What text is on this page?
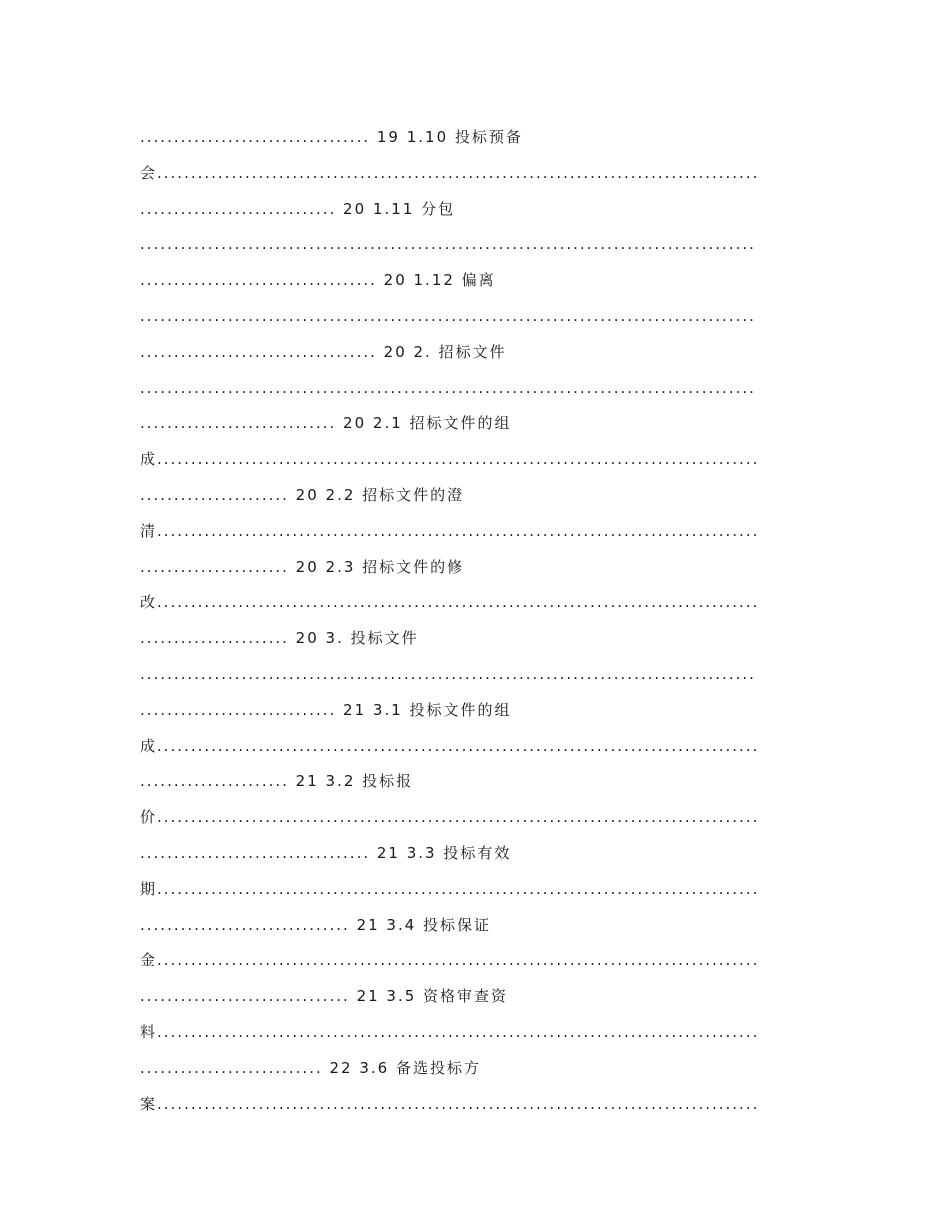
.................................. 19 1.10 投标预备
会.........................................................................................
............................. 20 1.11 分包
...........................................................................................
................................... 20 1.12 偏离
...........................................................................................
................................... 20 2. 招标文件
...........................................................................................
............................. 20 2.1 招标文件的组
成.........................................................................................
...................... 20 2.2 招标文件的澄
清.........................................................................................
...................... 20 2.3 招标文件的修
改.........................................................................................
...................... 20 3. 投标文件
...........................................................................................
............................. 21 3.1 投标文件的组
成.........................................................................................
...................... 21 3.2 投标报
价.........................................................................................
.................................. 21 3.3 投标有效
期.........................................................................................
............................... 21 3.4 投标保证
金.........................................................................................
............................... 21 3.5 资格审查资
料.........................................................................................
........................... 22 3.6 备选投标方
案.........................................................................................
